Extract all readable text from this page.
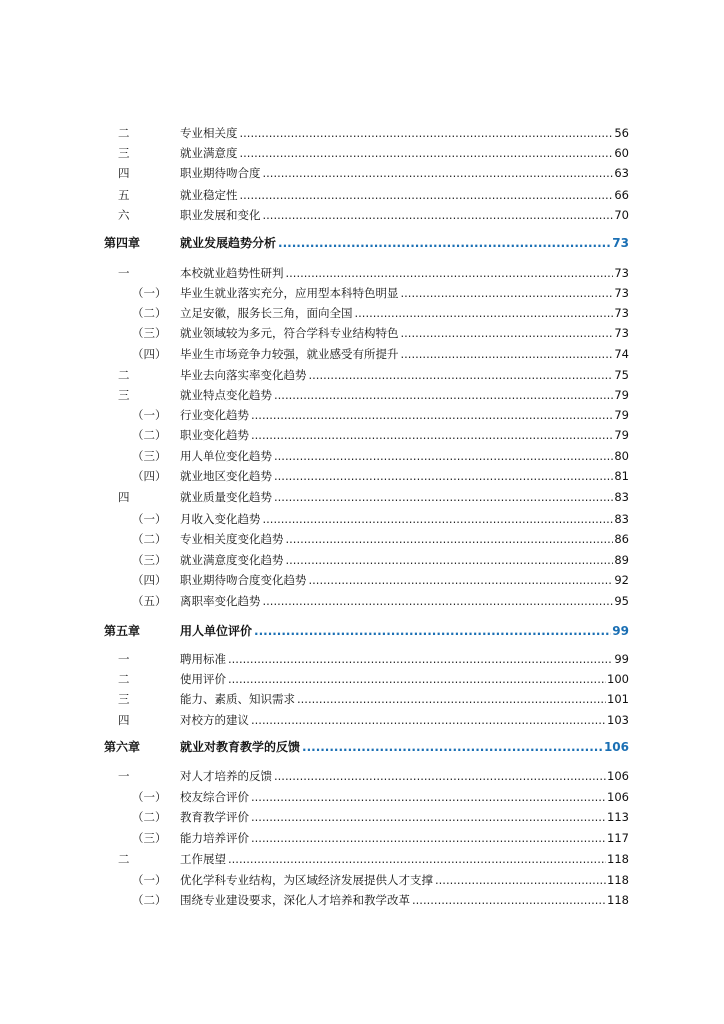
二	专业相关度 .....	56
三	就业满意度 .....	60
四	职业期待吻合度 .....	63
五	就业稳定性 .....	66
六	职业发展和变化 .....	70
第四章	就业发展趋势分析 .....	73
一	本校就业趋势性研判 .....	73
（一） 毕业生就业落实充分，应用型本科特色明显 .....	73
（二） 立足安徽，服务长三角，面向全国 .....	73
（三） 就业领域较为多元，符合学科专业结构特色 .....	73
（四） 毕业生市场竞争力较强，就业感受有所提升 .....	74
二	毕业去向落实率变化趋势 .....	75
三	就业特点变化趋势 .....	79
（一） 行业变化趋势 .....	79
（二） 职业变化趋势 .....	79
（三） 用人单位变化趋势 .....	80
（四） 就业地区变化趋势 .....	81
四	就业质量变化趋势 .....	83
（一） 月收入变化趋势 .....	83
（二） 专业相关度变化趋势 .....	86
（三） 就业满意度变化趋势 .....	89
（四） 职业期待吻合度变化趋势 .....	92
（五） 离职率变化趋势 .....	95
第五章	用人单位评价 .....	99
一	聘用标准 .....	99
二	使用评价 .....	100
三	能力、素质、知识需求 .....	101
四	对校方的建议 .....	103
第六章	就业对教育教学的反馈 .....	106
一	对人才培养的反馈 .....	106
（一） 校友综合评价 .....	106
（二） 教育教学评价 .....	113
（三） 能力培养评价 .....	117
二	工作展望 .....	118
（一） 优化学科专业结构，为区域经济发展提供人才支撑 .....	118
（二） 围绕专业建设要求，深化人才培养和教学改革 .....	118
